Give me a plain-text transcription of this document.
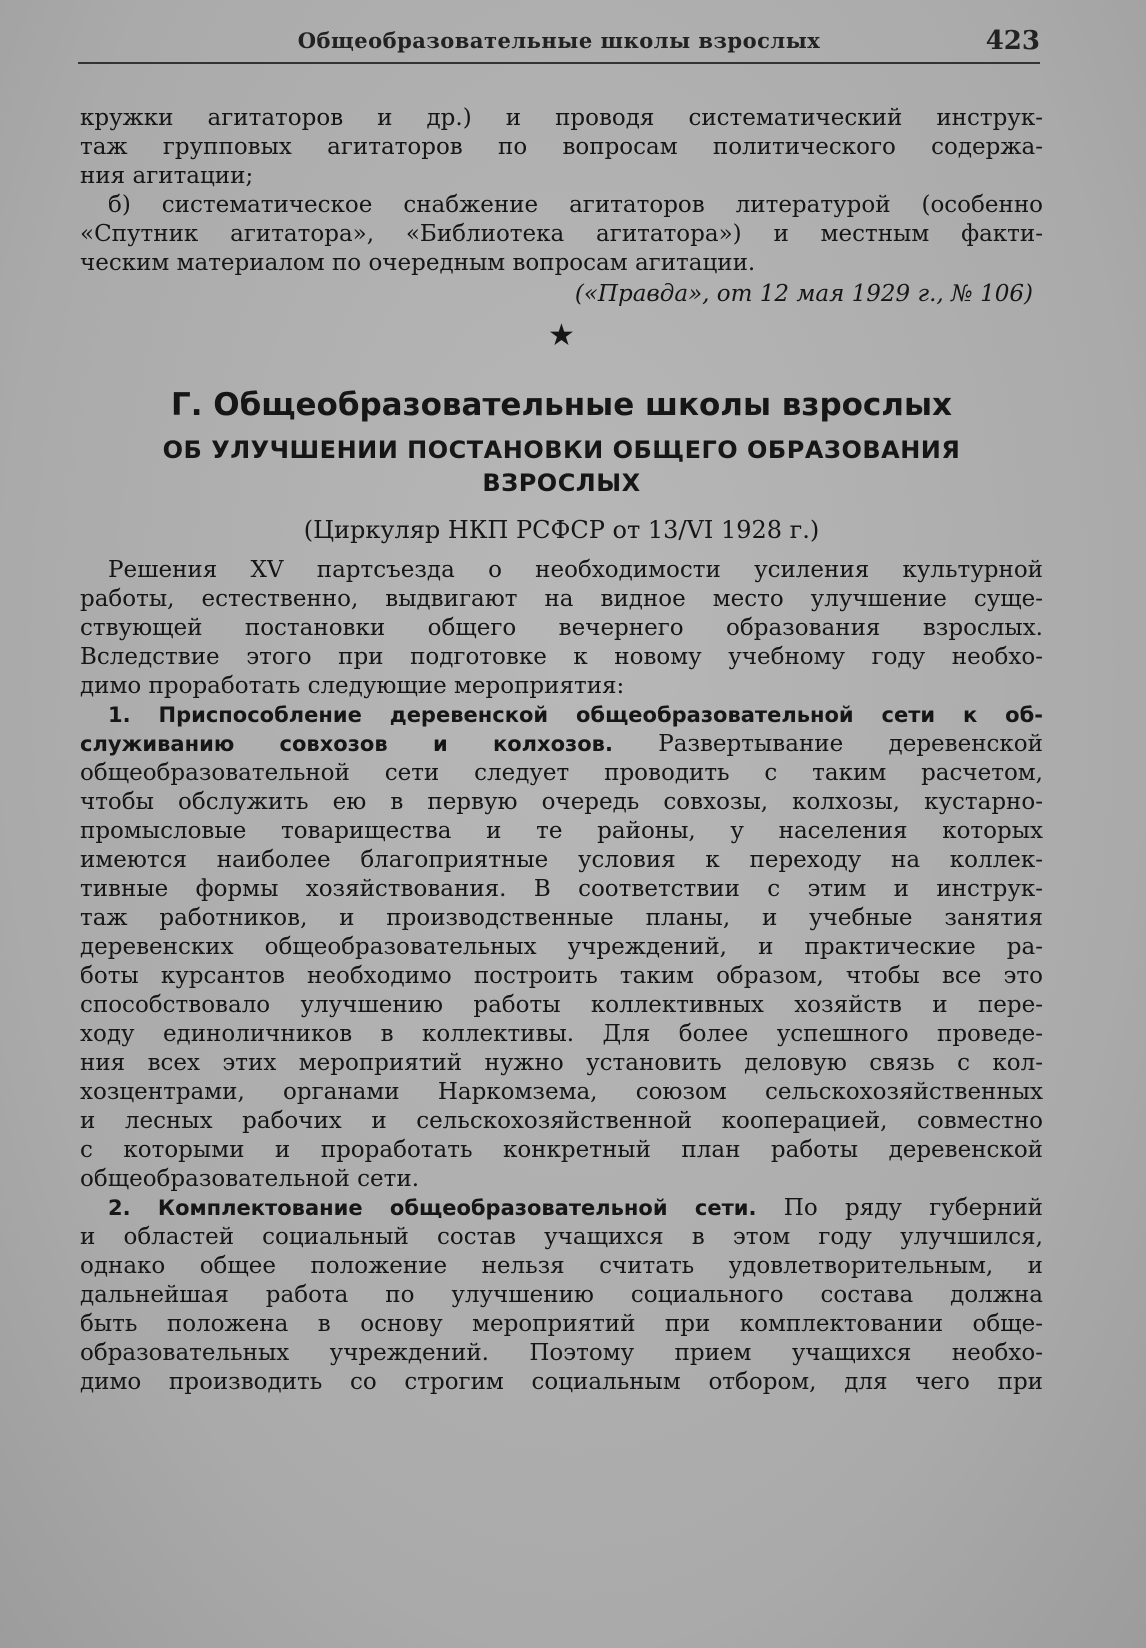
Общеобразовательные школы взрослых	423
кружки агитаторов и др.) и проводя систематический инструк-
таж групповых агитаторов по вопросам политического содержа-
ния агитации;
б) систематическое снабжение агитаторов литературой (особенно
«Спутник агитатора», «Библиотека агитатора») и местным факти-
ческим материалом по очередным вопросам агитации.
(«Правда», от 12 мая 1929 г., № 106)
★
Г. Общеобразовательные школы взрослых
ОБ УЛУЧШЕНИИ ПОСТАНОВКИ ОБЩЕГО ОБРАЗОВАНИЯ
ВЗРОСЛЫХ
(Циркуляр НКП РСФСР от 13/VI 1928 г.)
Решения XV партсъезда о необходимости усиления культурной
работы, естественно, выдвигают на видное место улучшение суще-
ствующей постановки общего вечернего образования взрослых.
Вследствие этого при подготовке к новому учебному году необхо-
димо проработать следующие мероприятия:
1. Приспособление деревенской общеобразовательной сети к об-
служиванию совхозов и колхозов. Развертывание деревенской
общеобразовательной сети следует проводить с таким расчетом,
чтобы обслужить ею в первую очередь совхозы, колхозы, кустарно-
промысловые товарищества и те районы, у населения которых
имеются наиболее благоприятные условия к переходу на коллек-
тивные формы хозяйствования. В соответствии с этим и инструк-
таж работников, и производственные планы, и учебные занятия
деревенских общеобразовательных учреждений, и практические ра-
боты курсантов необходимо построить таким образом, чтобы все это
способствовало улучшению работы коллективных хозяйств и пере-
ходу единоличников в коллективы. Для более успешного проведе-
ния всех этих мероприятий нужно установить деловую связь с кол-
хозцентрами, органами Наркомзема, союзом сельскохозяйственных
и лесных рабочих и сельскохозяйственной кооперацией, совместно
с которыми и проработать конкретный план работы деревенской
общеобразовательной сети.
2. Комплектование общеобразовательной сети. По ряду губерний
и областей социальный состав учащихся в этом году улучшился,
однако общее положение нельзя считать удовлетворительным, и
дальнейшая работа по улучшению социального состава должна
быть положена в основу мероприятий при комплектовании обще-
образовательных учреждений. Поэтому прием учащихся необхо-
димо производить со строгим социальным отбором, для чего при
